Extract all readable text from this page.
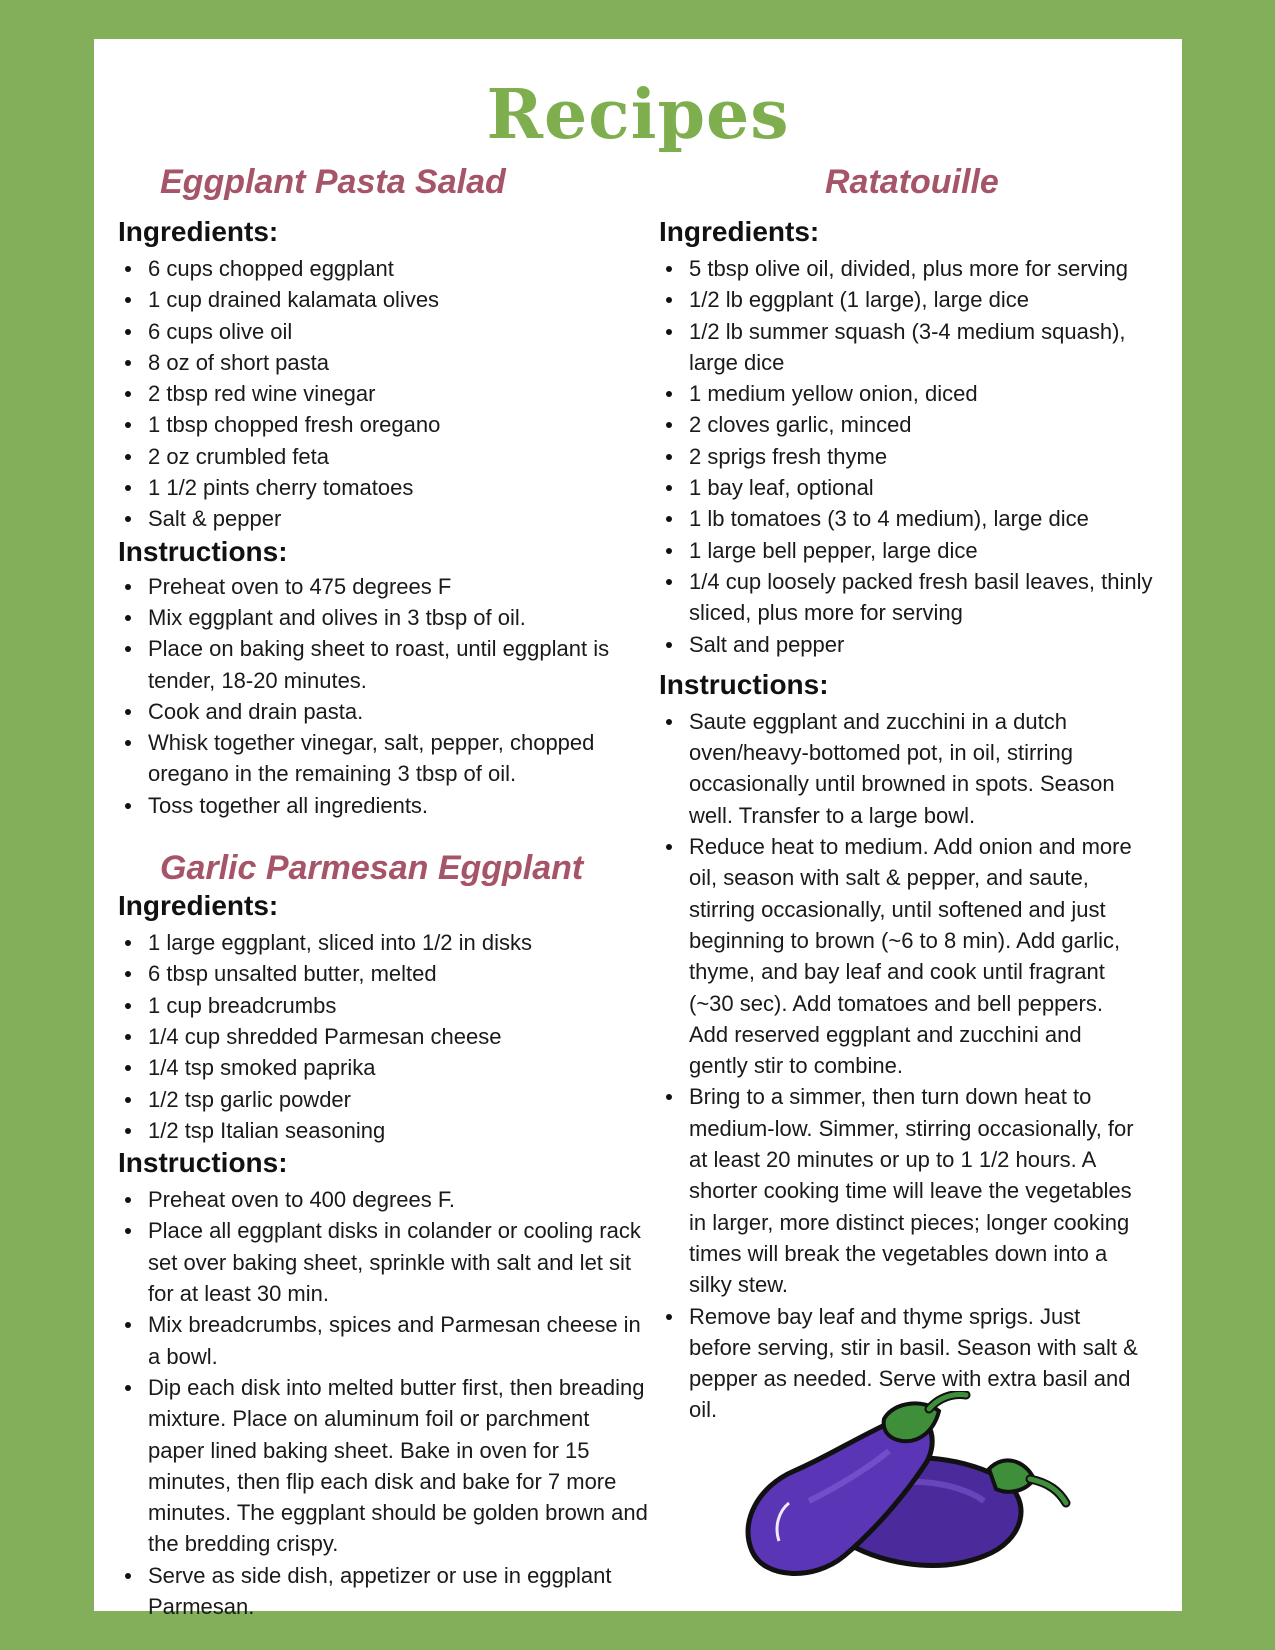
Recipes
Eggplant Pasta Salad
Ingredients:
6 cups chopped eggplant
1 cup drained kalamata olives
6 cups olive oil
8 oz of short pasta
2 tbsp red wine vinegar
1 tbsp chopped fresh oregano
2 oz crumbled feta
1 1/2 pints cherry tomatoes
Salt & pepper
Instructions:
Preheat oven to 475 degrees F
Mix eggplant and olives in 3 tbsp of oil.
Place on baking sheet to roast, until eggplant is tender, 18-20 minutes.
Cook and drain pasta.
Whisk together vinegar, salt, pepper, chopped oregano in the remaining 3 tbsp of oil.
Toss together all ingredients.
Garlic Parmesan Eggplant
Ingredients:
1 large eggplant, sliced into 1/2 in disks
6 tbsp unsalted butter, melted
1 cup breadcrumbs
1/4 cup shredded Parmesan cheese
1/4 tsp smoked paprika
1/2 tsp garlic powder
1/2 tsp Italian seasoning
Instructions:
Preheat oven to 400 degrees F.
Place all eggplant disks in colander or cooling rack set over baking sheet, sprinkle with salt and let sit for at least 30 min.
Mix breadcrumbs, spices and Parmesan cheese in a bowl.
Dip each disk into melted butter first, then breading mixture. Place on aluminum foil or parchment paper lined baking sheet. Bake in oven for 15 minutes, then flip each disk and bake for 7 more minutes. The eggplant should be golden brown and the bredding crispy.
Serve as side dish, appetizer or use in eggplant Parmesan.
Ratatouille
Ingredients:
5 tbsp olive oil, divided, plus more for serving
1/2 lb eggplant (1 large), large dice
1/2 lb summer squash (3-4 medium squash), large dice
1 medium yellow onion, diced
2 cloves garlic, minced
2 sprigs fresh thyme
1 bay leaf, optional
1 lb tomatoes (3 to 4 medium), large dice
1 large bell pepper, large dice
1/4 cup loosely packed fresh basil leaves, thinly sliced, plus more for serving
Salt and pepper
Instructions:
Saute eggplant and zucchini in a dutch oven/heavy-bottomed pot, in oil, stirring occasionally until browned in spots. Season well. Transfer to a large bowl.
Reduce heat to medium. Add onion and more oil, season with salt & pepper, and saute, stirring occasionally, until softened and just beginning to brown (~6 to 8 min). Add garlic, thyme, and bay leaf and cook until fragrant (~30 sec). Add tomatoes and bell peppers. Add reserved eggplant and zucchini and gently stir to combine.
Bring to a simmer, then turn down heat to medium-low. Simmer, stirring occasionally, for at least 20 minutes or up to 1 1/2 hours. A shorter cooking time will leave the vegetables in larger, more distinct pieces; longer cooking times will break the vegetables down into a silky stew.
Remove bay leaf and thyme sprigs. Just before serving, stir in basil. Season with salt & pepper as needed. Serve with extra basil and oil.
